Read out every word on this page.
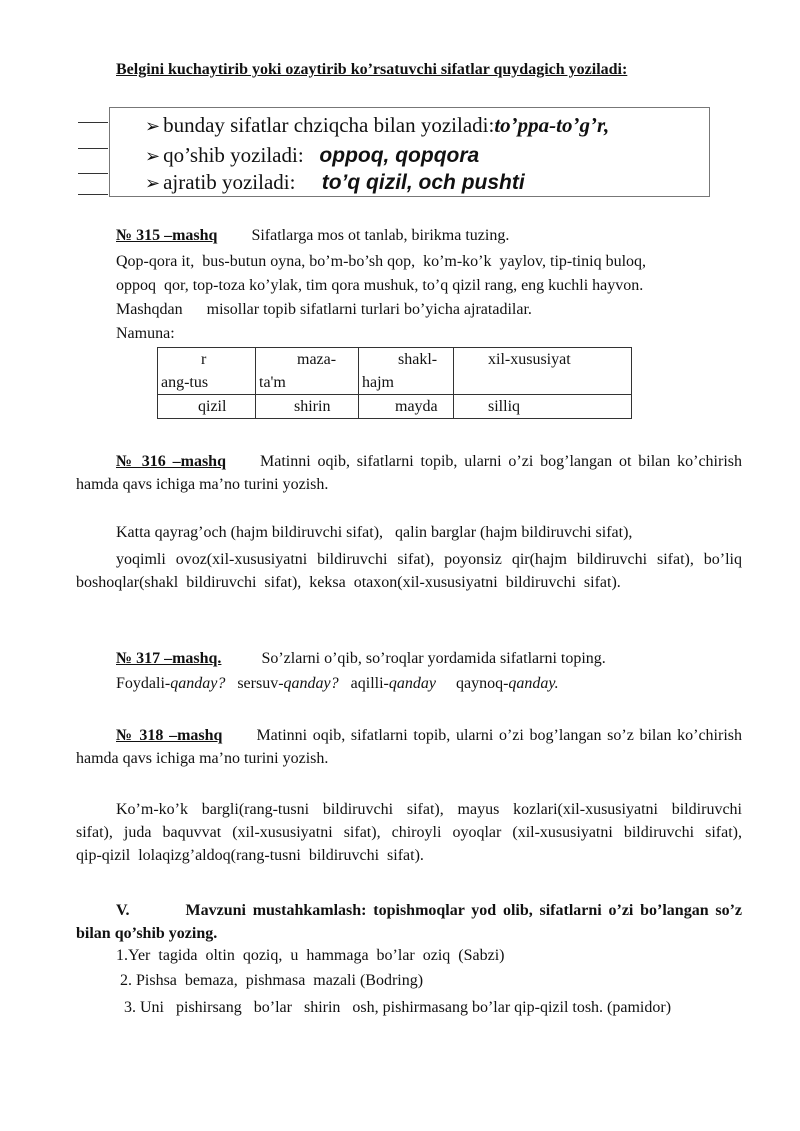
Belgini kuchaytirib yoki ozaytirib ko’rsatuvchi sifatlar quydagich yoziladi:
➢ bunday sifatlar chziqcha bilan yoziladi:to’ppa-to’g’r,
➢ qo’shib yoziladi:   oppoq, qopqora
➢ ajratib yoziladi:     to’q qizil, och pushti
№ 315 –mashq Sifatlarga mos ot tanlab, birikma tuzing.
Qop-qora it,  bus-butun oyna, bo’m-bo’sh qop,  ko’m-ko’k  yaylov, tip-tiniq buloq,
oppoq  qor, top-toza ko’ylak, tim qora mushuk, to’q qizil rang, eng kuchli hayvon.
Mashqdan      misollar topib sifatlarni turlari bo’yicha ajratadilar.
Namuna:
rang-tus	maza-ta'm	shakl-hajm	xil-xususiyat
qizil	shirin	mayda	silliq
№ 316 –mashq Matinni oqib, sifatlarni topib, ularni o’zi bog’langan ot bilan ko’chirish hamda qavs ichiga ma’no turini yozish.
Katta qayrag’och (hajm bildiruvchi sifat),   qalin barglar (hajm bildiruvchi sifat),
yoqimli ovoz(xil-xususiyatni bildiruvchi sifat), poyonsiz qir(hajm bildiruvchi sifat), bo’liq boshoqlar(shakl bildiruvchi sifat), keksa otaxon(xil-xususiyatni bildiruvchi sifat).
№ 317 –mashq.	So’zlarni o’qib, so’roqlar yordamida sifatlarni toping.
Foydali-qanday? sersuv-qanday? aqilli-qanday qaynoq-qanday.
№ 318 –mashq Matinni oqib, sifatlarni topib, ularni o’zi bog’langan so’z bilan ko’chirish hamda qavs ichiga ma’no turini yozish.
Ko’m-ko’k bargli(rang-tusni bildiruvchi sifat), mayus kozlari(xil-xususiyatni bildiruvchi sifat), juda baquvvat (xil-xususiyatni sifat), chiroyli oyoqlar (xil-xususiyatni bildiruvchi sifat), qip-qizil lolaqizg’aldoq(rang-tusni bildiruvchi sifat).
V.	Mavzuni mustahkamlash: topishmoqlar yod olib, sifatlarni o’zi bo’langan so’z bilan qo’shib yozing.
1.Yer  tagida  oltin  qoziq,  u  hammaga  bo’lar  oziq  (Sabzi)
2. Pishsa  bemaza,  pishmasa  mazali (Bodring)
3. Uni   pishirsang   bo’lar   shirin   osh, pishirmasang bo’lar qip-qizil tosh. (pamidor)
